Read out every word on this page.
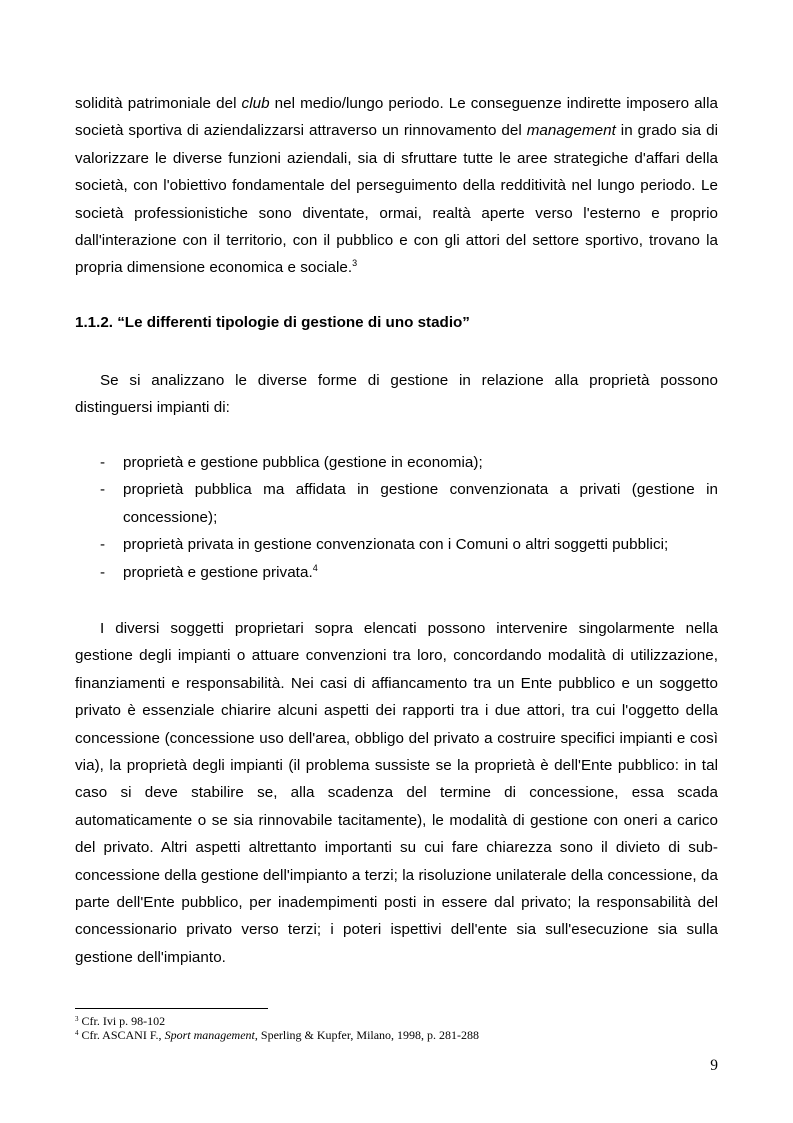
solidità patrimoniale del club nel medio/lungo periodo. Le conseguenze indirette imposero alla società sportiva di aziendalizzarsi attraverso un rinnovamento del management in grado sia di valorizzare le diverse funzioni aziendali, sia di sfruttare tutte le aree strategiche d'affari della società, con l'obiettivo fondamentale del perseguimento della redditività nel lungo periodo. Le società professionistiche sono diventate, ormai, realtà aperte verso l'esterno e proprio dall'interazione con il territorio, con il pubblico e con gli attori del settore sportivo, trovano la propria dimensione economica e sociale.$^3$

1.1.2. “Le differenti tipologie di gestione di uno stadio”

Se si analizzano le diverse forme di gestione in relazione alla proprietà possono distinguersi impianti di:

- proprietà e gestione pubblica (gestione in economia);
- proprietà pubblica ma affidata in gestione convenzionata a privati (gestione in concessione);
- proprietà privata in gestione convenzionata con i Comuni o altri soggetti pubblici;
- proprietà e gestione privata.$^4$

I diversi soggetti proprietari sopra elencati possono intervenire singolarmente nella gestione degli impianti o attuare convenzioni tra loro, concordando modalità di utilizzazione, finanziamenti e responsabilità. Nei casi di affiancamento tra un Ente pubblico e un soggetto privato è essenziale chiarire alcuni aspetti dei rapporti tra i due attori, tra cui l'oggetto della concessione (concessione uso dell'area, obbligo del privato a costruire specifici impianti e così via), la proprietà degli impianti (il problema sussiste se la proprietà è dell'Ente pubblico: in tal caso si deve stabilire se, alla scadenza del termine di concessione, essa scada automaticamente o se sia rinnovabile tacitamente), le modalità di gestione con oneri a carico del privato. Altri aspetti altrettanto importanti su cui fare chiarezza sono il divieto di sub-concessione della gestione dell'impianto a terzi; la risoluzione unilaterale della concessione, da parte dell'Ente pubblico, per inadempimenti posti in essere dal privato; la responsabilità del concessionario privato verso terzi; i poteri ispettivi dell'ente sia sull'esecuzione sia sulla gestione dell'impianto.

$^3$ Cfr. Ivi p. 98-102
$^4$ Cfr. ASCANI F., Sport management, Sperling & Kupfer, Milano, 1998, p. 281-288
9
